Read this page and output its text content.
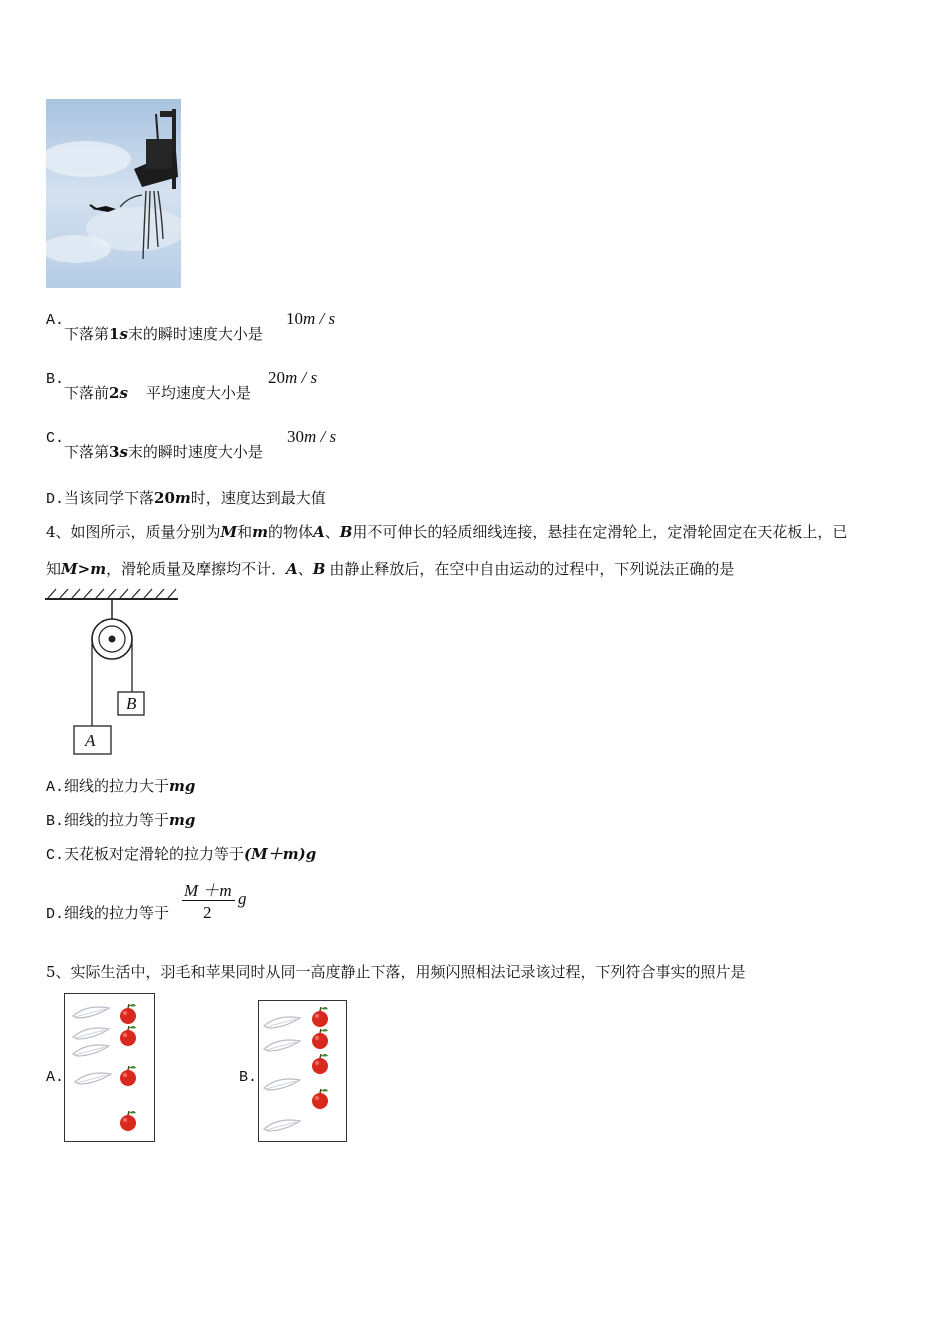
A.下落第1s末的瞬时速度大小是
10m / s
B.下落前2s 平均速度大小是
20m / s
C.下落第3s末的瞬时速度大小是
30m / s
D.当该同学下落20m时，速度达到最大值
4、如图所示，质量分别为M和m的物体A、B用不可伸长的轻质细线连接，悬挂在定滑轮上，定滑轮固定在天花板上，已
知M>m，滑轮质量及摩擦均不计．A、B 由静止释放后，在空中自由运动的过程中，下列说法正确的是
B
A
A.细线的拉力大于mg
B.细线的拉力等于mg
C.天花板对定滑轮的拉力等于(M＋m)g
D.细线的拉力等于
M ＋m
2
g
5、实际生活中，羽毛和苹果同时从同一高度静止下落，用频闪照相法记录该过程，下列符合事实的照片是
A.	B.
